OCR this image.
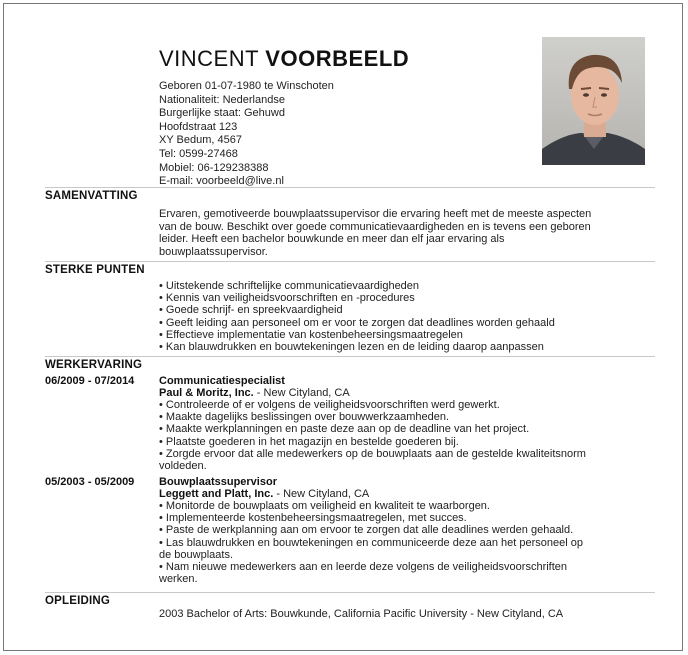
VINCENT VOORBEELD
Geboren 01-07-1980 te Winschoten
Nationaliteit: Nederlandse
Burgerlijke staat: Gehuwd
Hoofdstraat 123
XY Bedum, 4567
Tel: 0599-27468
Mobiel: 06-129238388
E-mail: voorbeeld@live.nl
SAMENVATTING
Ervaren, gemotiveerde bouwplaatssupervisor die ervaring heeft met de meeste aspecten
van de bouw. Beschikt over goede communicatievaardigheden en is tevens een geboren
leider. Heeft een bachelor bouwkunde en meer dan elf jaar ervaring als
bouwplaatssupervisor.
STERKE PUNTEN
• Uitstekende schriftelijke communicatievaardigheden
• Kennis van veiligheidsvoorschriften en -procedures
• Goede schrijf- en spreekvaardigheid
• Geeft leiding aan personeel om er voor te zorgen dat deadlines worden gehaald
• Effectieve implementatie van kostenbeheersingsmaatregelen
• Kan blauwdrukken en bouwtekeningen lezen en de leiding daarop aanpassen
WERKERVARING
06/2009 - 07/2014 Communicatiespecialist
Paul & Moritz, Inc. - New Cityland, CA
• Controleerde of er volgens de veiligheidsvoorschriften werd gewerkt.
• Maakte dagelijks beslissingen over bouwwerkzaamheden.
• Maakte werkplanningen en paste deze aan op de deadline van het project.
• Plaatste goederen in het magazijn en bestelde goederen bij.
• Zorgde ervoor dat alle medewerkers op de bouwplaats aan de gestelde kwaliteitsnorm
voldeden.
05/2003 - 05/2009 Bouwplaatssupervisor
Leggett and Platt, Inc. - New Cityland, CA
• Monitorde de bouwplaats om veiligheid en kwaliteit te waarborgen.
• Implementeerde kostenbeheersingsmaatregelen, met succes.
• Paste de werkplanning aan om ervoor te zorgen dat alle deadlines werden gehaald.
• Las blauwdrukken en bouwtekeningen en communiceerde deze aan het personeel op
de bouwplaats.
• Nam nieuwe medewerkers aan en leerde deze volgens de veiligheidsvoorschriften
werken.
OPLEIDING
2003 Bachelor of Arts: Bouwkunde, California Pacific University - New Cityland, CA
